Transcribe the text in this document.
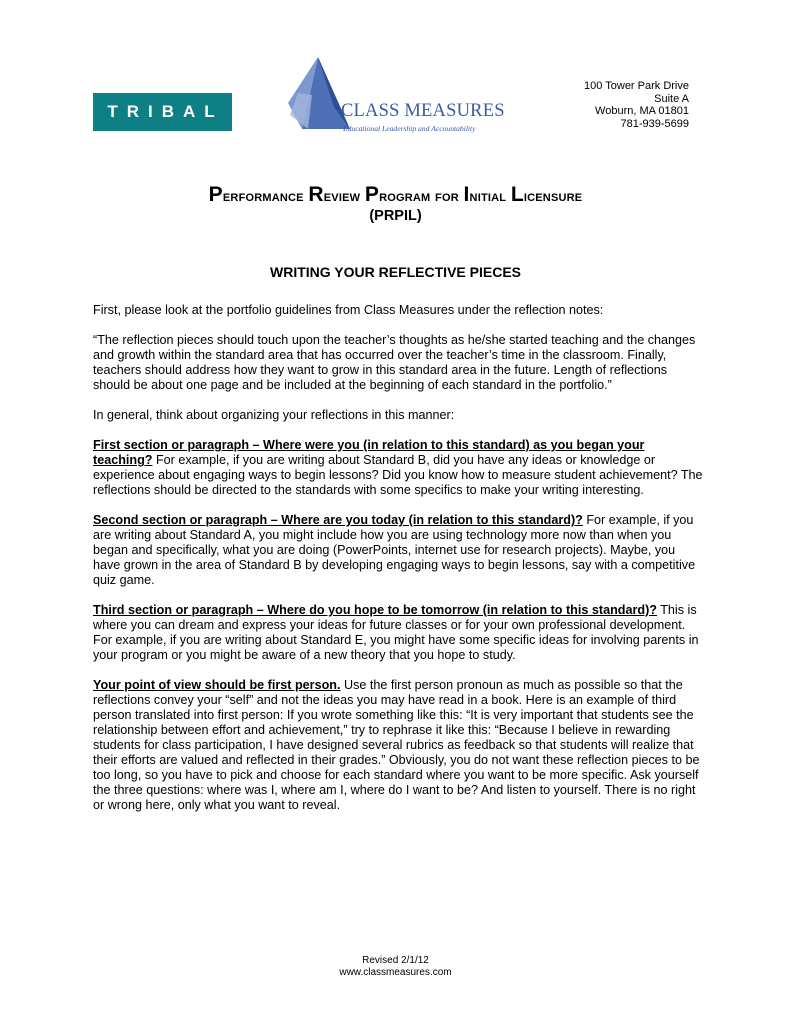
TRIBAL	CLASS MEASURES
Educational Leadership and Accountability
100 Tower Park Drive
Suite A
Woburn, MA 01801
781-939-5699
Performance Review Program for Initial Licensure
(PRPIL)
WRITING YOUR REFLECTIVE PIECES

First, please look at the portfolio guidelines from Class Measures under the reflection notes:

“The reflection pieces should touch upon the teacher’s thoughts as he/she started teaching and the changes and growth within the standard area that has occurred over the teacher’s time in the classroom. Finally, teachers should address how they want to grow in this standard area in the future. Length of reflections should be about one page and be included at the beginning of each standard in the portfolio.”

In general, think about organizing your reflections in this manner:

First section or paragraph – Where were you (in relation to this standard) as you began your teaching? For example, if you are writing about Standard B, did you have any ideas or knowledge or experience about engaging ways to begin lessons? Did you know how to measure student achievement? The reflections should be directed to the standards with some specifics to make your writing interesting.

Second section or paragraph – Where are you today (in relation to this standard)? For example, if you are writing about Standard A, you might include how you are using technology more now than when you began and specifically, what you are doing (PowerPoints, internet use for research projects). Maybe, you have grown in the area of Standard B by developing engaging ways to begin lessons, say with a competitive quiz game.

Third section or paragraph – Where do you hope to be tomorrow (in relation to this standard)? This is where you can dream and express your ideas for future classes or for your own professional development. For example, if you are writing about Standard E, you might have some specific ideas for involving parents in your program or you might be aware of a new theory that you hope to study.

Your point of view should be first person. Use the first person pronoun as much as possible so that the reflections convey your “self” and not the ideas you may have read in a book. Here is an example of third person translated into first person: If you wrote something like this: “It is very important that students see the relationship between effort and achievement,” try to rephrase it like this: “Because I believe in rewarding students for class participation, I have designed several rubrics as feedback so that students will realize that their efforts are valued and reflected in their grades.” Obviously, you do not want these reflection pieces to be too long, so you have to pick and choose for each standard where you want to be more specific. Ask yourself the three questions: where was I, where am I, where do I want to be? And listen to yourself. There is no right or wrong here, only what you want to reveal.

Revised 2/1/12
www.classmeasures.com
